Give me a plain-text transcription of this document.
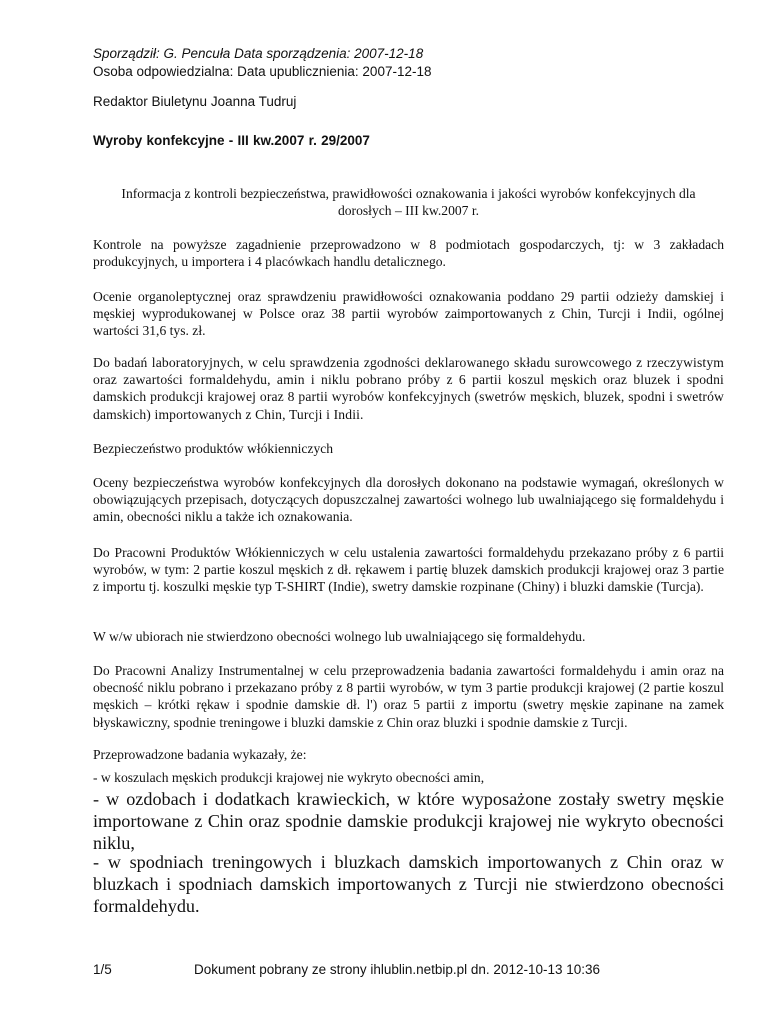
Sporządził: G. Pencuła Data sporządzenia: 2007-12-18
Osoba odpowiedzialna: Data upublicznienia: 2007-12-18
Redaktor Biuletynu Joanna Tudruj
Wyroby konfekcyjne - III kw.2007 r. 29/2007
Informacja z kontroli bezpieczeństwa, prawidłowości oznakowania i jakości wyrobów konfekcyjnych dla dorosłych – III kw.2007 r.
Kontrole na powyższe zagadnienie przeprowadzono w 8 podmiotach gospodarczych, tj: w 3 zakładach produkcyjnych, u importera i 4 placówkach handlu detalicznego.
Ocenie organoleptycznej oraz sprawdzeniu prawidłowości oznakowania poddano 29 partii odzieży damskiej i męskiej wyprodukowanej w Polsce oraz 38 partii wyrobów zaimportowanych z Chin, Turcji i Indii, ogólnej wartości 31,6 tys. zł.
Do badań laboratoryjnych, w celu sprawdzenia zgodności deklarowanego składu surowcowego z rzeczywistym oraz zawartości formaldehydu, amin i niklu pobrano próby z 6 partii koszul męskich oraz bluzek i spodni damskich produkcji krajowej oraz 8 partii wyrobów konfekcyjnych (swetrów męskich, bluzek, spodni i swetrów damskich) importowanych z Chin, Turcji i Indii.
Bezpieczeństwo produktów włókienniczych
Oceny bezpieczeństwa wyrobów konfekcyjnych dla dorosłych dokonano na podstawie wymagań, określonych w obowiązujących przepisach, dotyczących dopuszczalnej zawartości wolnego lub uwalniającego się formaldehydu i amin, obecności niklu a także ich oznakowania.
Do Pracowni Produktów Włókienniczych w celu ustalenia zawartości formaldehydu przekazano próby z 6 partii wyrobów, w tym: 2 partie koszul męskich z dł. rękawem i partię bluzek damskich produkcji krajowej oraz 3 partie z importu tj. koszulki męskie typ T-SHIRT (Indie), swetry damskie rozpinane (Chiny) i bluzki damskie (Turcja).
W w/w ubiorach nie stwierdzono obecności wolnego lub uwalniającego się formaldehydu.
Do Pracowni Analizy Instrumentalnej w celu przeprowadzenia badania zawartości formaldehydu i amin oraz na obecność niklu pobrano i przekazano próby z 8 partii wyrobów, w tym 3 partie produkcji krajowej (2 partie koszul męskich – krótki rękaw i spodnie damskie dł. l') oraz 5 partii z importu (swetry męskie zapinane na zamek błyskawiczny, spodnie treningowe i bluzki damskie z Chin oraz bluzki i spodnie damskie z Turcji.
Przeprowadzone badania wykazały, że:
- w koszulach męskich produkcji krajowej nie wykryto obecności amin,
- w ozdobach i dodatkach krawieckich, w które wyposażone zostały swetry męskie importowane z Chin oraz spodnie damskie produkcji krajowej nie wykryto obecności niklu,
- w spodniach treningowych i bluzkach damskich importowanych z Chin oraz w bluzkach i spodniach damskich importowanych z Turcji nie stwierdzono obecności formaldehydu.
1/5	Dokument pobrany ze strony ihlublin.netbip.pl dn. 2012-10-13 10:36
